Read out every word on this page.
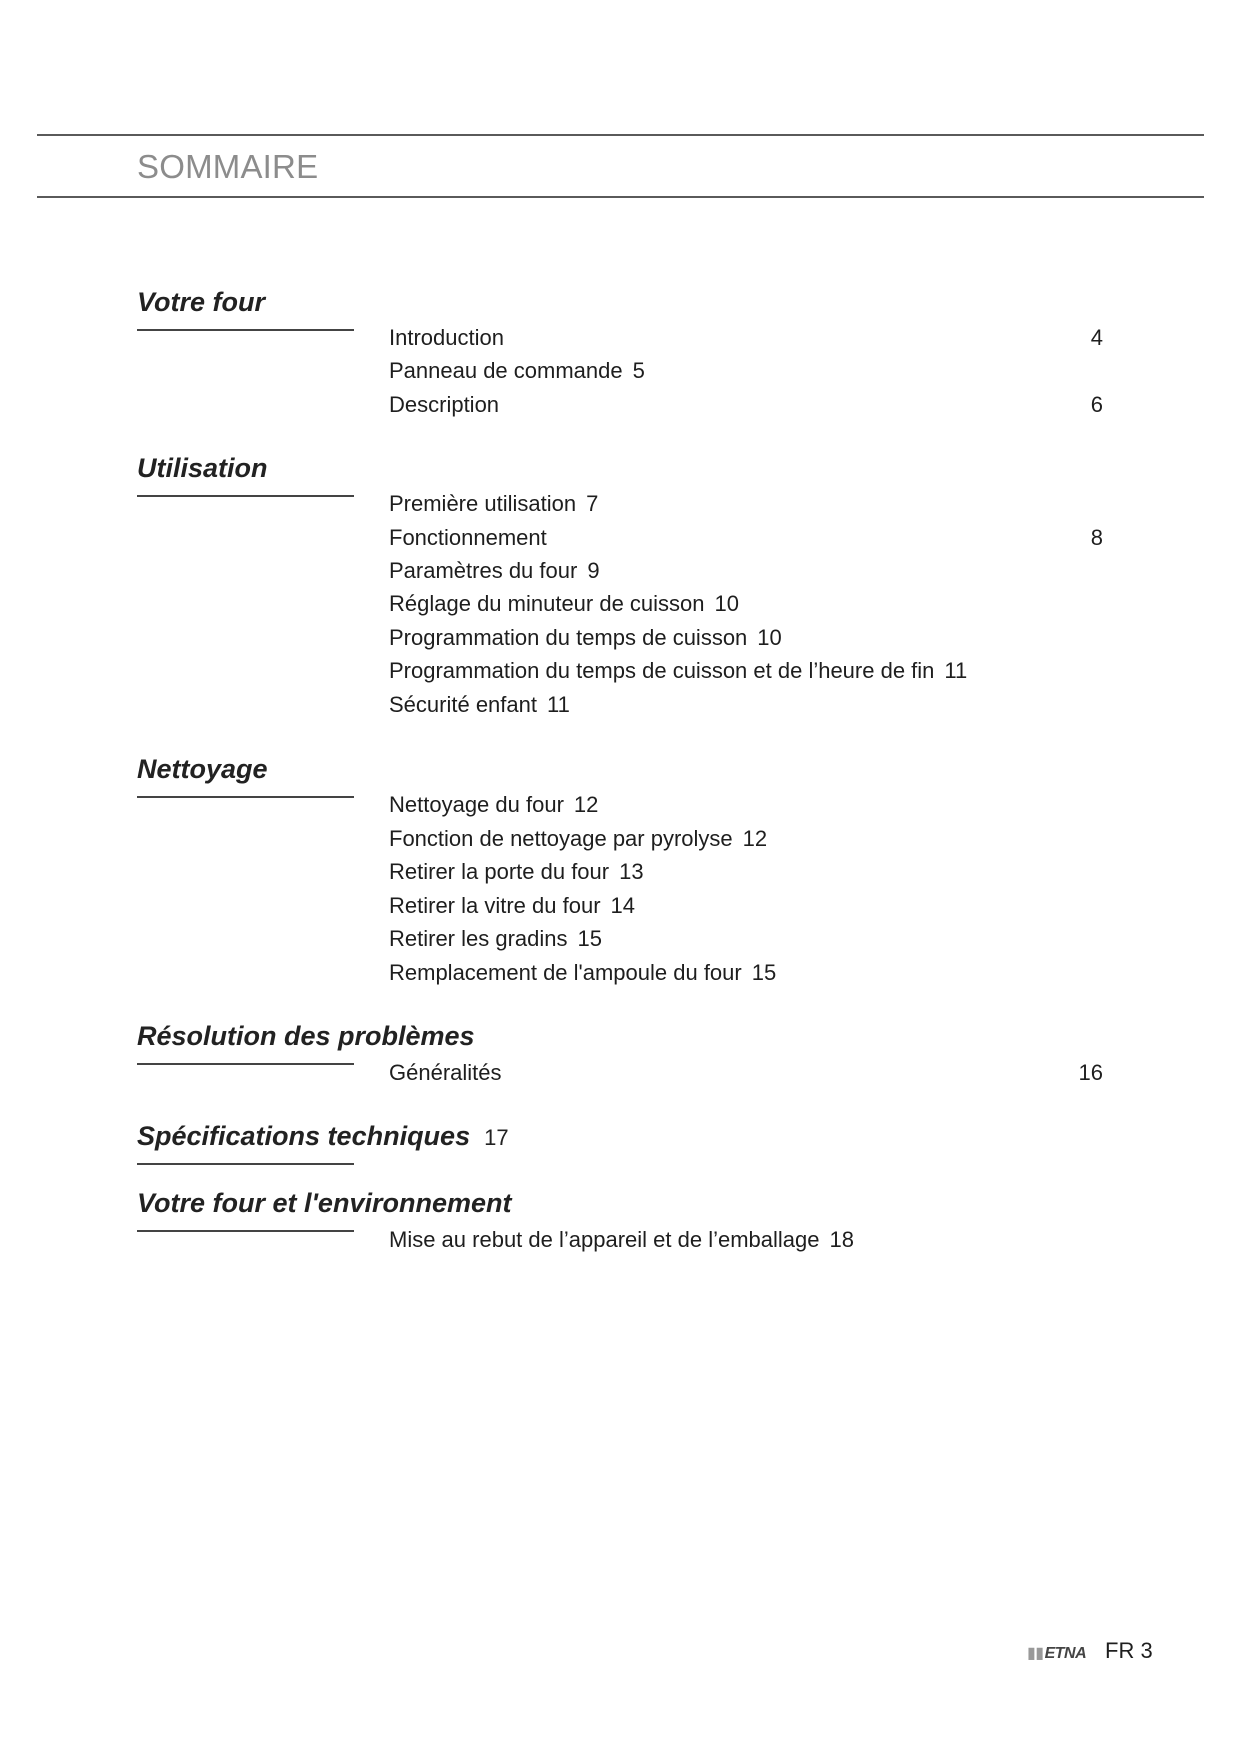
SOMMAIRE
Votre four
Introduction	4
Panneau de commande 5
Description	6
Utilisation
Première utilisation 7
Fonctionnement	8
Paramètres du four 9
Réglage du minuteur de cuisson 10
Programmation du temps de cuisson 10
Programmation du temps de cuisson et de l’heure de fin 11
Sécurité enfant 11
Nettoyage
Nettoyage du four 12
Fonction de nettoyage par pyrolyse 12
Retirer la porte du four 13
Retirer la vitre du four 14
Retirer les gradins 15
Remplacement de l'ampoule du four 15
Résolution des problèmes
Généralités	16
Spécifications techniques 17
Votre four et l'environnement
Mise au rebut de l’appareil et de l’emballage 18
▮▮ETNA FR 3
